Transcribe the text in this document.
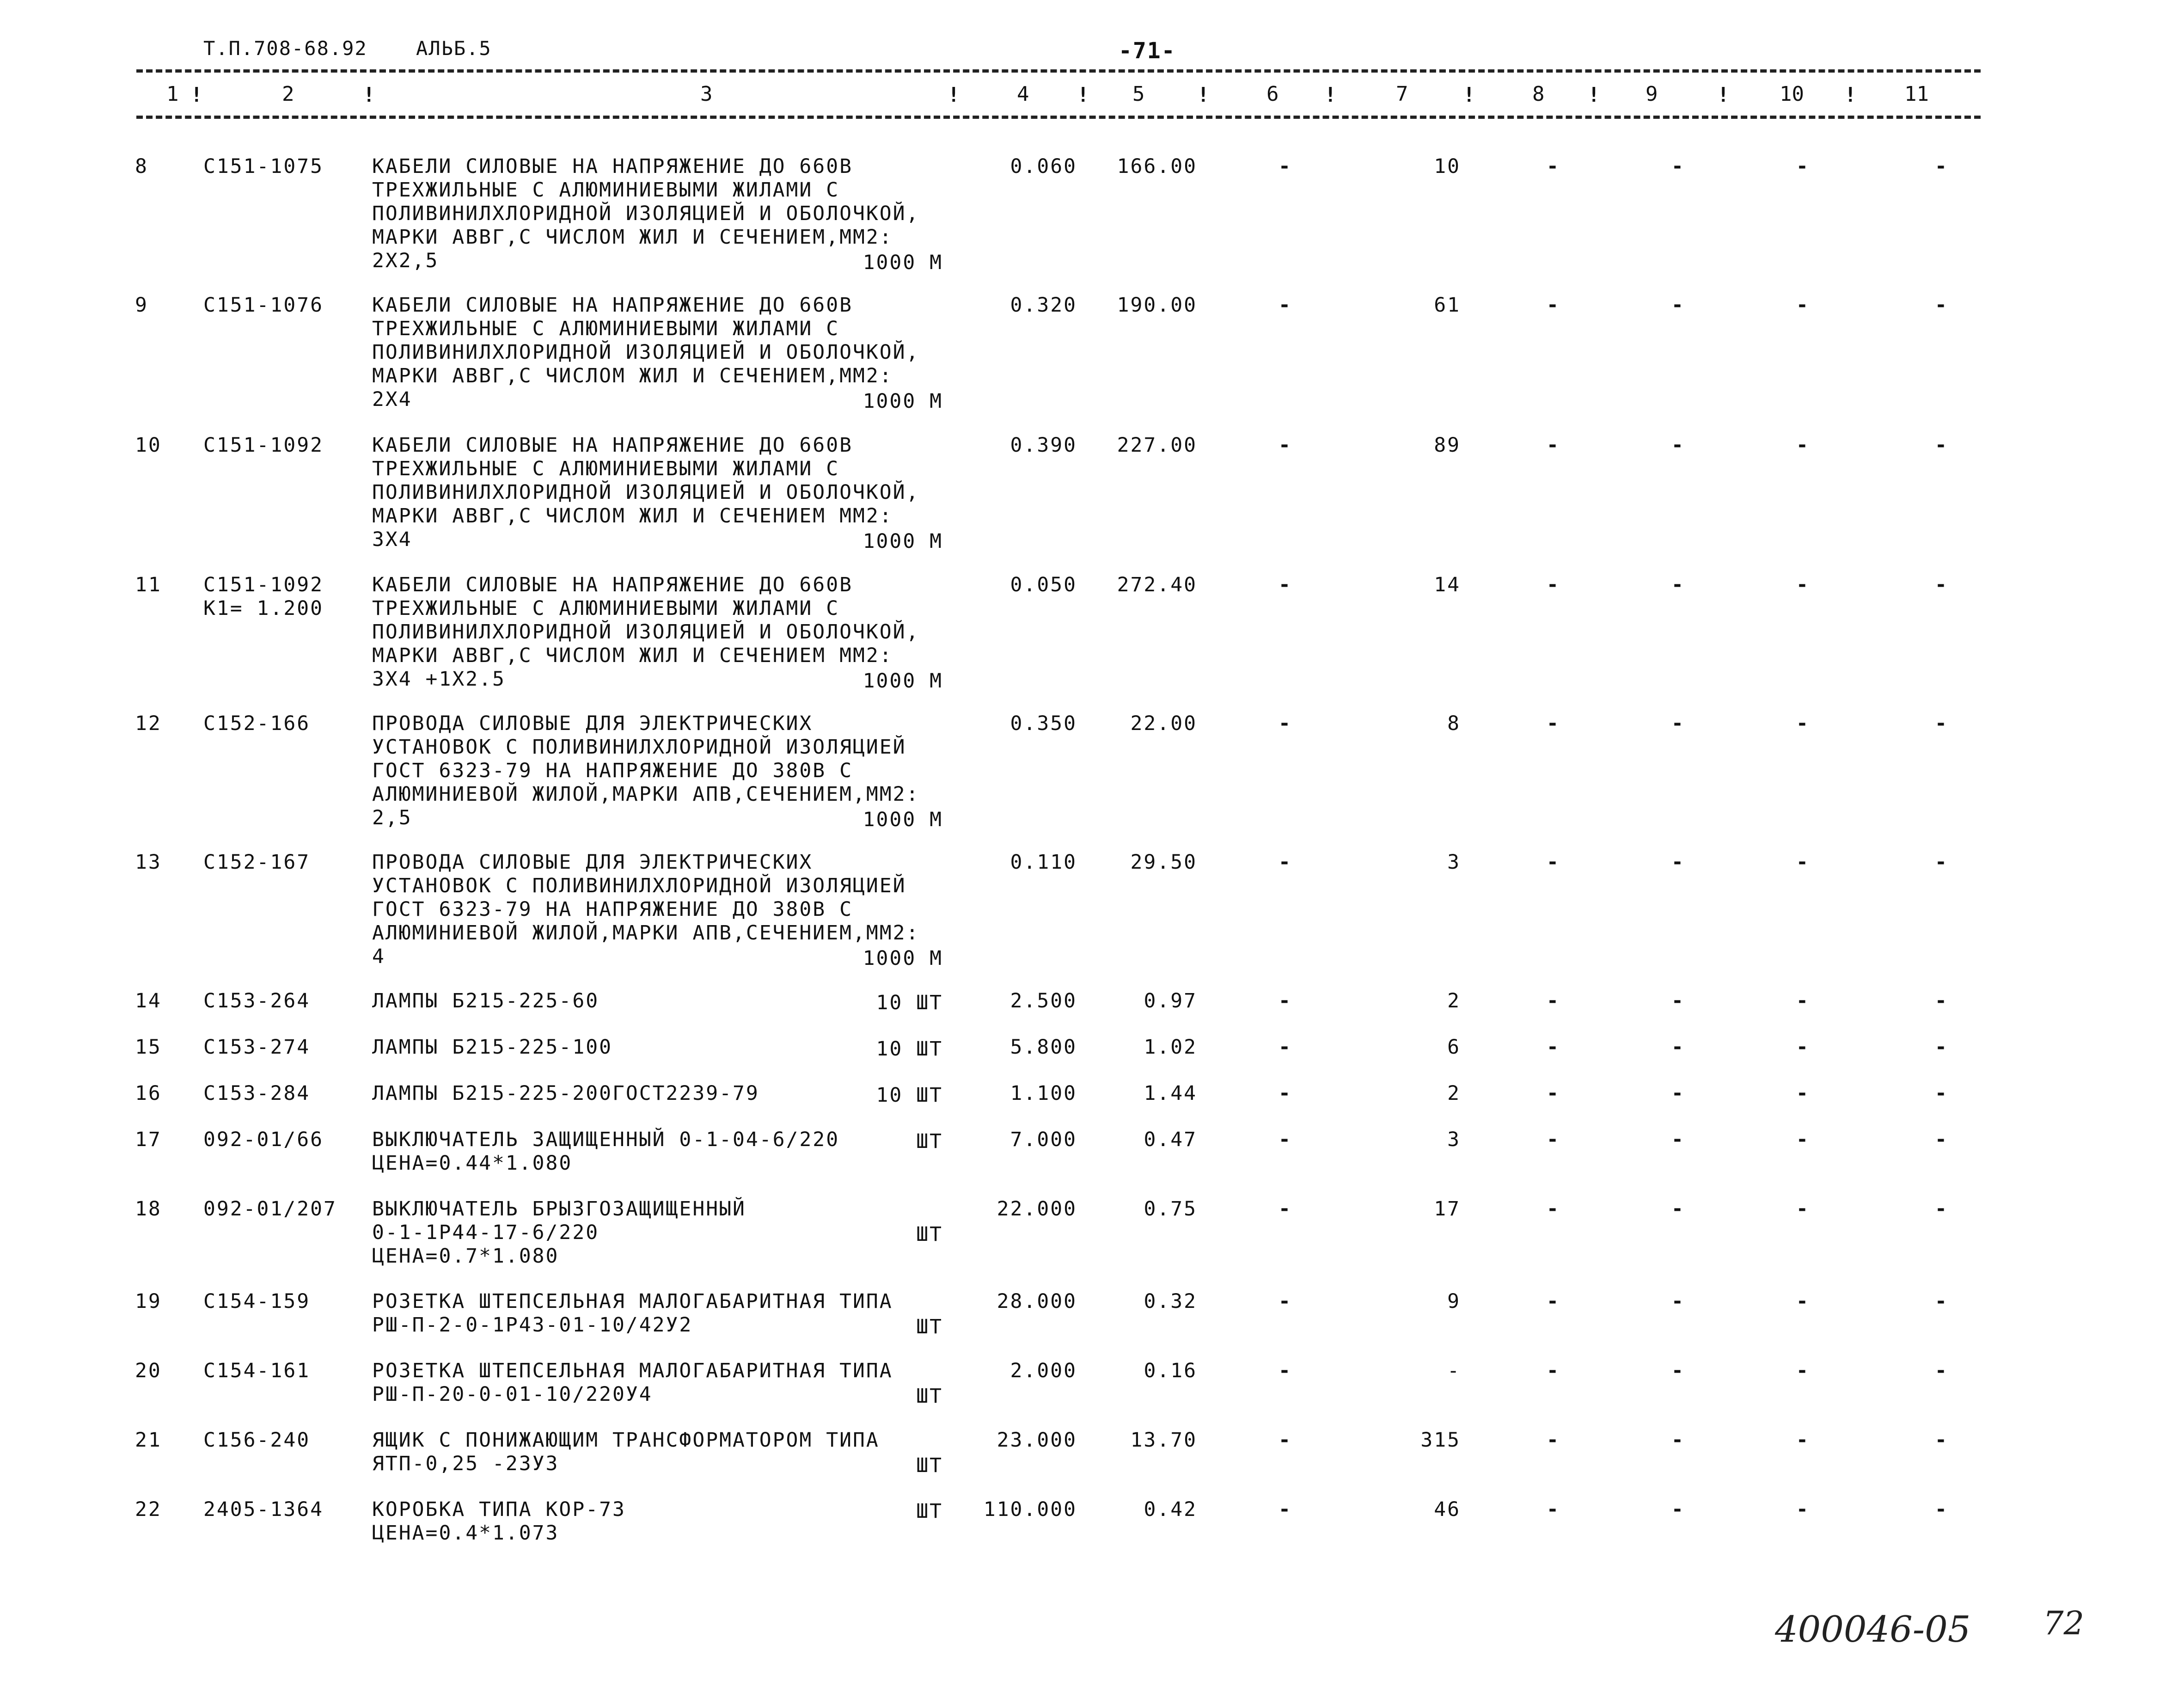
Т.П.708-68.92	АЛЬБ.5	-71-
1	2	3	4	5	6	7	8	9	10	11
!	!	!	!	!	!	!	!	!	!
8	С151-1075 КАБЕЛИ СИЛОВЫЕ НА НАПРЯЖЕНИЕ ДО 660В
ТРЕХЖИЛЬНЫЕ С АЛЮМИНИЕВЫМИ ЖИЛАМИ С
ПОЛИВИНИЛХЛОРИДНОЙ ИЗОЛЯЦИЕЙ И ОБОЛОЧКОЙ,
МАРКИ АВВГ,С ЧИСЛОМ ЖИЛ И СЕЧЕНИЕМ,ММ2:
2Х2,5	1000 М
0.060 166.00	-	10	-	-	-	-
9	С151-1076 КАБЕЛИ СИЛОВЫЕ НА НАПРЯЖЕНИЕ ДО 660В
ТРЕХЖИЛЬНЫЕ С АЛЮМИНИЕВЫМИ ЖИЛАМИ С
ПОЛИВИНИЛХЛОРИДНОЙ ИЗОЛЯЦИЕЙ И ОБОЛОЧКОЙ,
МАРКИ АВВГ,С ЧИСЛОМ ЖИЛ И СЕЧЕНИЕМ,ММ2:
2Х4	1000 М
0.320 190.00	-	61	-	-	-	-
10 С151-1092 КАБЕЛИ СИЛОВЫЕ НА НАПРЯЖЕНИЕ ДО 660В
ТРЕХЖИЛЬНЫЕ С АЛЮМИНИЕВЫМИ ЖИЛАМИ С
ПОЛИВИНИЛХЛОРИДНОЙ ИЗОЛЯЦИЕЙ И ОБОЛОЧКОЙ,
МАРКИ АВВГ,С ЧИСЛОМ ЖИЛ И СЕЧЕНИЕМ ММ2:
3Х4	1000 М
0.390 227.00	-	89	-	-	-	-
11 С151-1092
К1= 1.200
КАБЕЛИ СИЛОВЫЕ НА НАПРЯЖЕНИЕ ДО 660В
ТРЕХЖИЛЬНЫЕ С АЛЮМИНИЕВЫМИ ЖИЛАМИ С
ПОЛИВИНИЛХЛОРИДНОЙ ИЗОЛЯЦИЕЙ И ОБОЛОЧКОЙ,
МАРКИ АВВГ,С ЧИСЛОМ ЖИЛ И СЕЧЕНИЕМ ММ2:
3Х4 +1Х2.5	1000 М
0.050 272.40	-	14	-	-	-	-
12 С152-166	ПРОВОДА СИЛОВЫЕ ДЛЯ ЭЛЕКТРИЧЕСКИХ
УСТАНОВОК С ПОЛИВИНИЛХЛОРИДНОЙ ИЗОЛЯЦИЕЙ
ГОСТ 6323-79 НА НАПРЯЖЕНИЕ ДО 380В С
АЛЮМИНИЕВОЙ ЖИЛОЙ,МАРКИ АПВ,СЕЧЕНИЕМ,ММ2:
2,5	1000 М
0.350	22.00	-	8	-	-	-	-
13 С152-167	ПРОВОДА СИЛОВЫЕ ДЛЯ ЭЛЕКТРИЧЕСКИХ
УСТАНОВОК С ПОЛИВИНИЛХЛОРИДНОЙ ИЗОЛЯЦИЕЙ
ГОСТ 6323-79 НА НАПРЯЖЕНИЕ ДО 380В С
АЛЮМИНИЕВОЙ ЖИЛОЙ,МАРКИ АПВ,СЕЧЕНИЕМ,ММ2:
4	1000 М
0.110	29.50	-	3	-	-	-	-
14 С153-264	ЛАМПЫ Б215-225-60	10 ШТ	2.500	0.97	-	2	-	-	-	-
15 С153-274	ЛАМПЫ Б215-225-100	10 ШТ	5.800	1.02	-	6	-	-	-	-
16 С153-284	ЛАМПЫ Б215-225-200ГОСТ2239-79	10 ШТ	1.100	1.44	-	2	-	-	-	-
17 092-01/66 ВЫКЛЮЧАТЕЛЬ ЗАЩИЩЕННЫЙ 0-1-04-6/220
ЦЕНА=0.44*1.080
ШТ	7.000	0.47	-	3	-	-	-	-
18 092-01/207 ВЫКЛЮЧАТЕЛЬ БРЫЗГОЗАЩИЩЕННЫЙ
0-1-1Р44-17-6/220
ЦЕНА=0.7*1.080
ШТ
22.000	0.75	-	17	-	-	-	-
19 С154-159	РОЗЕТКА ШТЕПСЕЛЬНАЯ МАЛОГАБАРИТНАЯ ТИПА
РШ-П-2-0-1Р43-01-10/42У2	ШТ
28.000	0.32	-	9	-	-	-	-
20 С154-161	РОЗЕТКА ШТЕПСЕЛЬНАЯ МАЛОГАБАРИТНАЯ ТИПА
РШ-П-20-0-01-10/220У4	ШТ
2.000	0.16	-	-	-	-	-	-
21 С156-240	ЯЩИК С ПОНИЖАЮЩИМ ТРАНСФОРМАТОРОМ ТИПА
ЯТП-0,25 -23У3	ШТ
23.000	13.70	-	315	-	-	-	-
22 2405-1364 КОРОБКА ТИПА КОР-73
ЦЕНА=0.4*1.073
ШТ 110.000	0.42	-	46	-	-	-	-
400046-05 72
